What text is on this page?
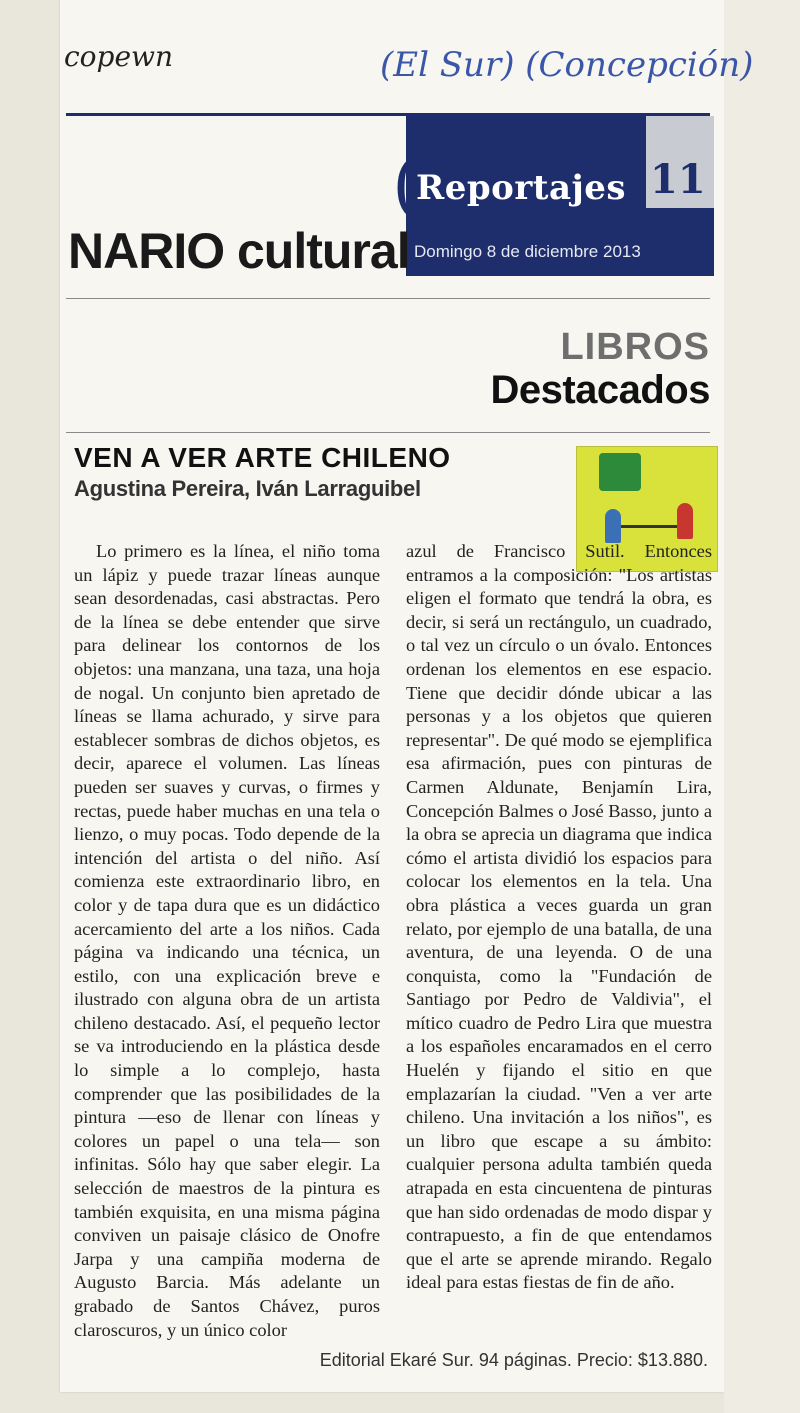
copewn	(El Sur) (Concepción)
11
(
Reportajes
Domingo 8 de diciembre 2013
NARIO cultural
LIBROS
Destacados
VEN A VER ARTE CHILENO
Agustina Pereira, Iván Larraguibel
Lo primero es la línea, el niño toma un lápiz y puede trazar líneas aunque sean desordenadas, casi abstractas. Pero de la línea se debe entender que sirve para delinear los contornos de los objetos: una manzana, una taza, una hoja de nogal. Un conjunto bien apretado de líneas se llama achurado, y sirve para establecer sombras de dichos objetos, es decir, aparece el volumen. Las líneas pueden ser suaves y curvas, o firmes y rectas, puede haber muchas en una tela o lienzo, o muy pocas. Todo depende de la intención del artista o del niño. Así comienza este extraordinario libro, en color y de tapa dura que es un didáctico acercamiento del arte a los niños. Cada página va indicando una técnica, un estilo, con una explicación breve e ilustrado con alguna obra de un artista chileno destacado. Así, el pequeño lector se va introduciendo en la plástica desde lo simple a lo complejo, hasta comprender que las posibilidades de la pintura —eso de llenar con líneas y colores un papel o una tela— son infinitas. Sólo hay que saber elegir. La selección de maestros de la pintura es también exquisita, en una misma página conviven un paisaje clásico de Onofre Jarpa y una campiña moderna de Augusto Barcia. Más adelante un grabado de Santos Chávez, puros claroscuros, y un único color
azul de Francisco Sutil. Entonces entramos a la composición: "Los artistas eligen el formato que tendrá la obra, es decir, si será un rectángulo, un cuadrado, o tal vez un círculo o un óvalo. Entonces ordenan los elementos en ese espacio. Tiene que decidir dónde ubicar a las personas y a los objetos que quieren representar". De qué modo se ejemplifica esa afirmación, pues con pinturas de Carmen Aldunate, Benjamín Lira, Concepción Balmes o José Basso, junto a la obra se aprecia un diagrama que indica cómo el artista dividió los espacios para colocar los elementos en la tela. Una obra plástica a veces guarda un gran relato, por ejemplo de una batalla, de una aventura, de una leyenda. O de una conquista, como la "Fundación de Santiago por Pedro de Valdivia", el mítico cuadro de Pedro Lira que muestra a los españoles encaramados en el cerro Huelén y fijando el sitio en que emplazarían la ciudad. "Ven a ver arte chileno. Una invitación a los niños", es un libro que escape a su ámbito: cualquier persona adulta también queda atrapada en esta cincuentena de pinturas que han sido ordenadas de modo dispar y contrapuesto, a fin de que entendamos que el arte se aprende mirando. Regalo ideal para estas fiestas de fin de año.
Editorial Ekaré Sur. 94 páginas. Precio: $13.880.
